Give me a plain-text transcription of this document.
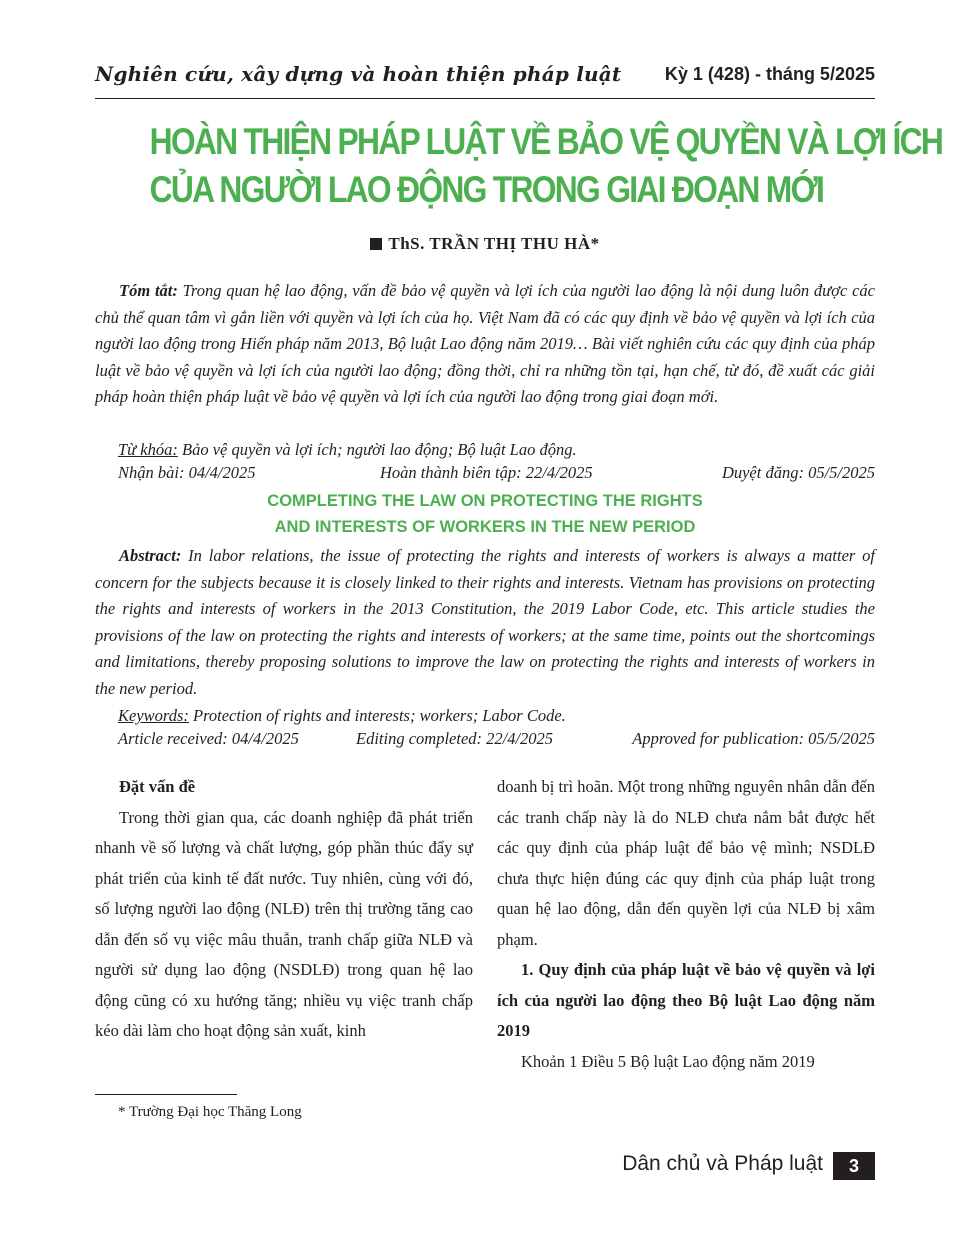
Nghiên cứu, xây dựng và hoàn thiện pháp luật Kỳ 1 (428) - tháng 5/2025
HOÀN THIỆN PHÁP LUẬT VỀ BẢO VỆ QUYỀN VÀ LỢI ÍCH
CỦA NGƯỜI LAO ĐỘNG TRONG GIAI ĐOẠN MỚI
ThS. TRẦN THỊ THU HÀ*

Tóm tắt: Trong quan hệ lao động, vấn đề bảo vệ quyền và lợi ích của người lao động là nội dung luôn được các chủ thể quan tâm vì gắn liền với quyền và lợi ích của họ. Việt Nam đã có các quy định về bảo vệ quyền và lợi ích của người lao động trong Hiến pháp năm 2013, Bộ luật Lao động năm 2019… Bài viết nghiên cứu các quy định của pháp luật về bảo vệ quyền và lợi ích của người lao động; đồng thời, chỉ ra những tồn tại, hạn chế, từ đó, đề xuất các giải pháp hoàn thiện pháp luật về bảo vệ quyền và lợi ích của người lao động trong giai đoạn mới.

Từ khóa: Bảo vệ quyền và lợi ích; người lao động; Bộ luật Lao động.
Nhận bài: 04/4/2025	Hoàn thành biên tập: 22/4/2025	Duyệt đăng: 05/5/2025
COMPLETING THE LAW ON PROTECTING THE RIGHTS
AND INTERESTS OF WORKERS IN THE NEW PERIOD

Abstract: In labor relations, the issue of protecting the rights and interests of workers is always a matter of concern for the subjects because it is closely linked to their rights and interests. Vietnam has provisions on protecting the rights and interests of workers in the 2013 Constitution, the 2019 Labor Code, etc. This article studies the provisions of the law on protecting the rights and interests of workers; at the same time, points out the shortcomings and limitations, thereby proposing solutions to improve the law on protecting the rights and interests of workers in the new period.

Keywords: Protection of rights and interests; workers; Labor Code.
Article received: 04/4/2025	Editing completed: 22/4/2025	Approved for publication: 05/5/2025

Đặt vấn đề

Trong thời gian qua, các doanh nghiệp đã phát triển nhanh về số lượng và chất lượng, góp phần thúc đẩy sự phát triển của kinh tế đất nước. Tuy nhiên, cùng với đó, số lượng người lao động (NLĐ) trên thị trường tăng cao dẫn đến số vụ việc mâu thuẫn, tranh chấp giữa NLĐ và người sử dụng lao động (NSDLĐ) trong quan hệ lao động cũng có xu hướng tăng; nhiều vụ việc tranh chấp kéo dài làm cho hoạt động sản xuất, kinh

doanh bị trì hoãn. Một trong những nguyên nhân dẫn đến các tranh chấp này là do NLĐ chưa nắm bắt được hết các quy định của pháp luật để bảo vệ mình; NSDLĐ chưa thực hiện đúng các quy định của pháp luật trong quan hệ lao động, dẫn đến quyền lợi của NLĐ bị xâm phạm.

1. Quy định của pháp luật về bảo vệ quyền và lợi ích của người lao động theo Bộ luật Lao động năm 2019

Khoản 1 Điều 5 Bộ luật Lao động năm 2019

* Trường Đại học Thăng Long
Dân chủ và Pháp luật	3
